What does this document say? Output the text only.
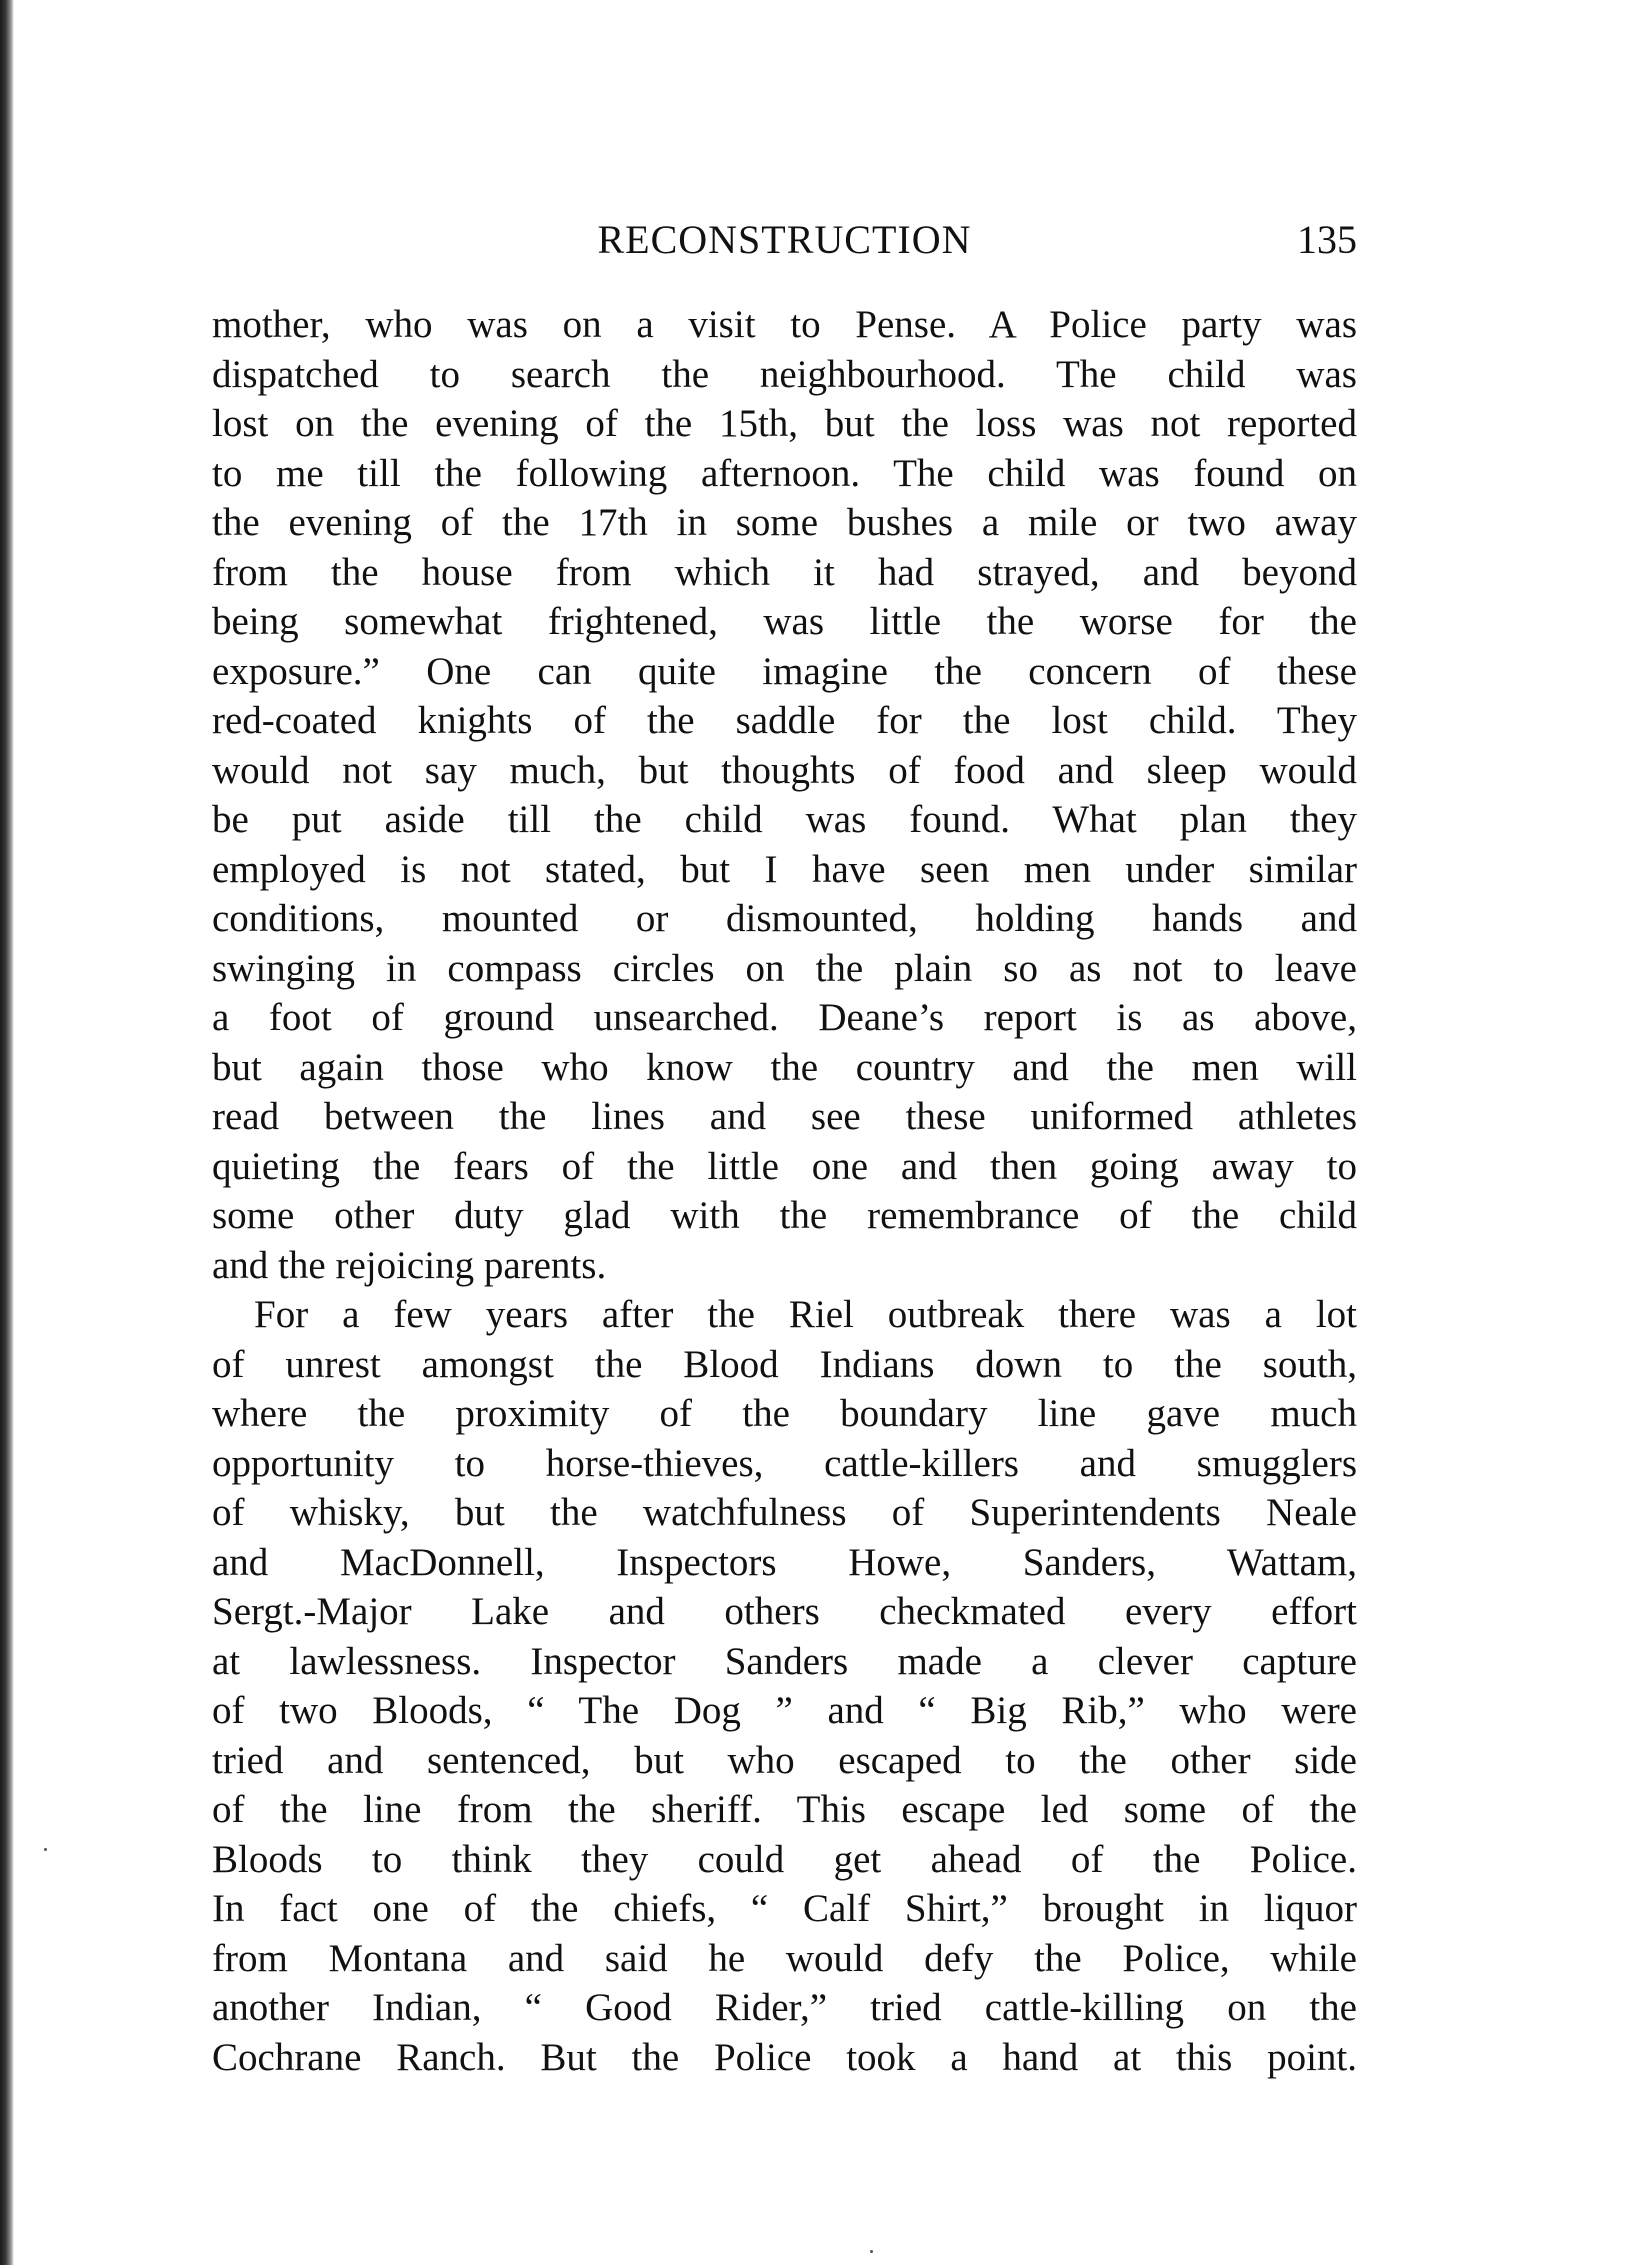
RECONSTRUCTION	135
mother, who was on a visit to Pense. A Police party was
dispatched to search the neighbourhood. The child was
lost on the evening of the 15th, but the loss was not reported
to me till the following afternoon. The child was found on
the evening of the 17th in some bushes a mile or two away
from the house from which it had strayed, and beyond
being somewhat frightened, was little the worse for the
exposure.” One can quite imagine the concern of these
red-coated knights of the saddle for the lost child. They
would not say much, but thoughts of food and sleep would
be put aside till the child was found. What plan they
employed is not stated, but I have seen men under similar
conditions, mounted or dismounted, holding hands and
swinging in compass circles on the plain so as not to leave
a foot of ground unsearched. Deane’s report is as above,
but again those who know the country and the men will
read between the lines and see these uniformed athletes
quieting the fears of the little one and then going away to
some other duty glad with the remembrance of the child
and the rejoicing parents.
For a few years after the Riel outbreak there was a lot
of unrest amongst the Blood Indians down to the south,
where the proximity of the boundary line gave much
opportunity to horse-thieves, cattle-killers and smugglers
of whisky, but the watchfulness of Superintendents Neale
and MacDonnell, Inspectors Howe, Sanders, Wattam,
Sergt.-Major Lake and others checkmated every effort
at lawlessness. Inspector Sanders made a clever capture
of two Bloods, “ The Dog ” and “ Big Rib,” who were
tried and sentenced, but who escaped to the other side
of the line from the sheriff. This escape led some of the
Bloods to think they could get ahead of the Police.
In fact one of the chiefs, “ Calf Shirt,” brought in liquor
from Montana and said he would defy the Police, while
another Indian, “ Good Rider,” tried cattle-killing on the
Cochrane Ranch. But the Police took a hand at this point.
